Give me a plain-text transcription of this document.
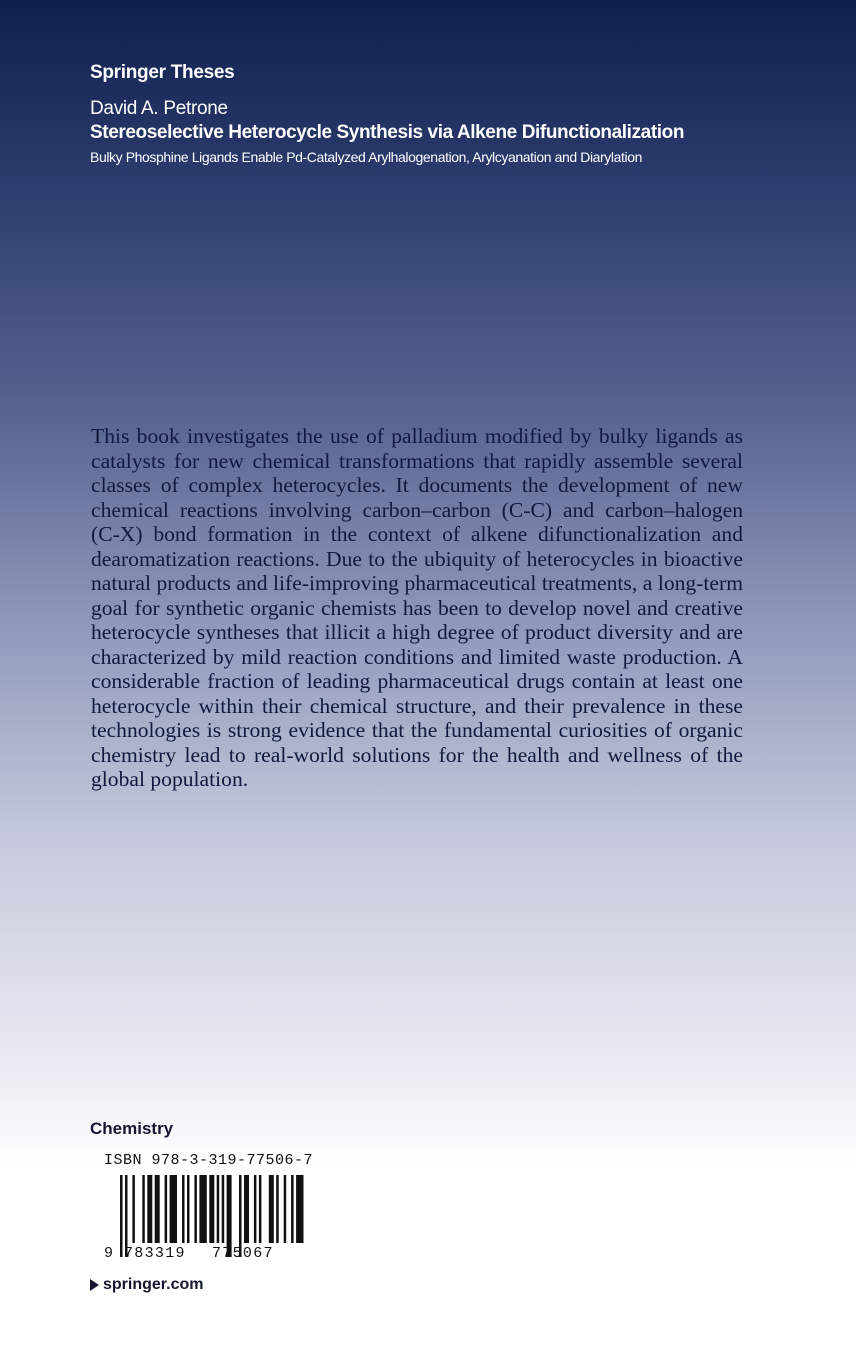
Springer Theses
David A. Petrone
Stereoselective Heterocycle Synthesis via Alkene Difunctionalization
Bulky Phosphine Ligands Enable Pd-Catalyzed Arylhalogenation, Arylcyanation and Diarylation

This book investigates the use of palladium modified by bulky ligands as catalysts for new chemical transformations that rapidly assemble several classes of complex heterocycles. It documents the development of new chemical reactions involving carbon–carbon (C-C) and carbon–halogen (C-X) bond formation in the context of alkene difunctionalization and dearomatization reactions. Due to the ubiquity of heterocycles in bioactive natural products and life-improving pharmaceutical treatments, a long-term goal for synthetic organic chemists has been to develop novel and creative heterocycle syntheses that illicit a high degree of product diversity and are characterized by mild reaction conditions and limited waste production. A considerable fraction of leading pharmaceutical drugs contain at least one heterocycle within their chemical structure, and their prevalence in these technologies is strong evidence that the fundamental curiosities of organic chemistry lead to real-world solutions for the health and wellness of the global population.

Chemistry
ISBN 978-3-319-77506-7
9 783319 775067
springer.com
